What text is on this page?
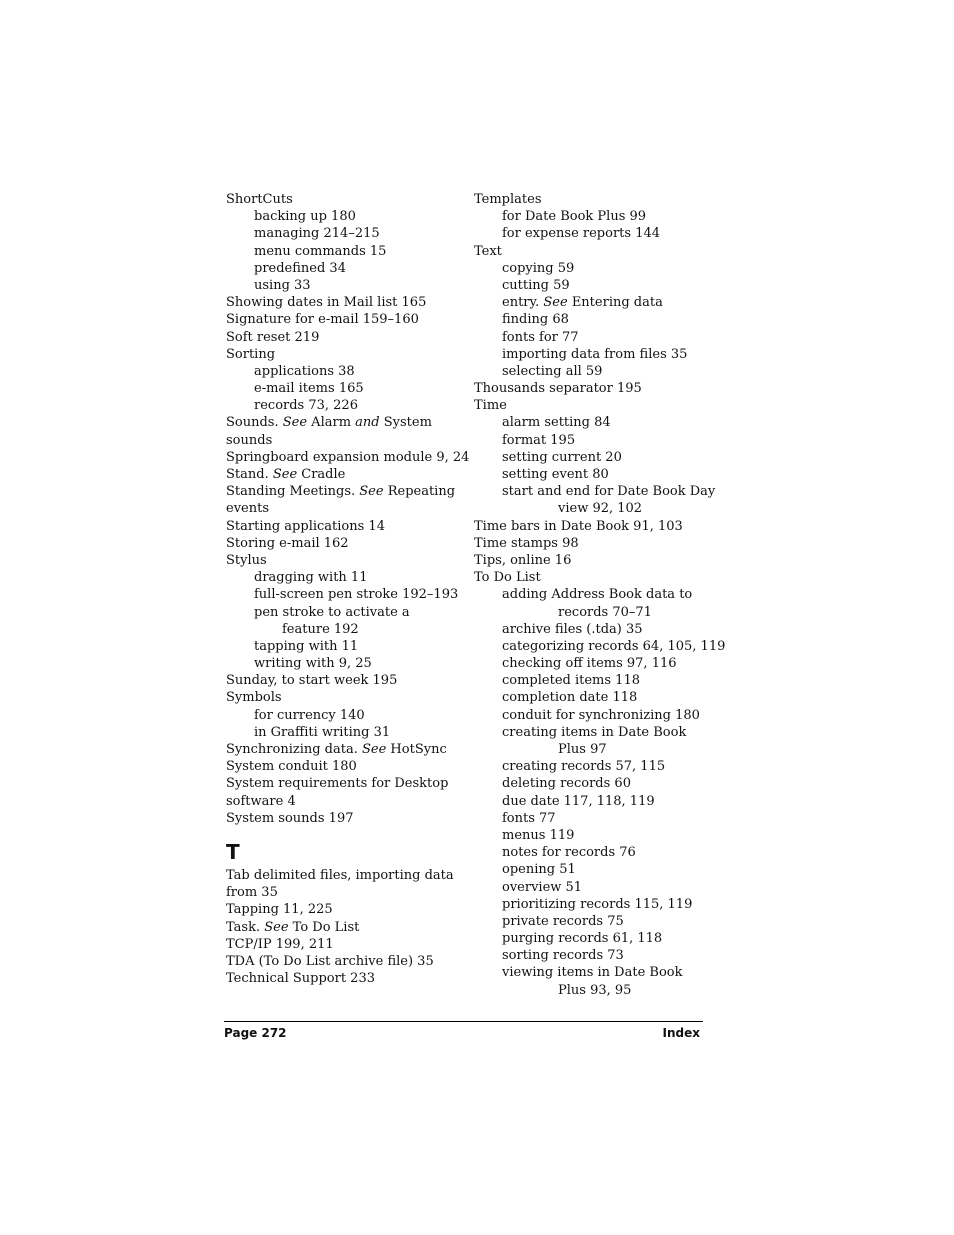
ShortCuts
backing up 180
managing 214–215
menu commands 15
predefined 34
using 33
Showing dates in Mail list 165
Signature for e-mail 159–160
Soft reset 219
Sorting
applications 38
e-mail items 165
records 73, 226
Sounds. See Alarm and System
sounds
Springboard expansion module 9, 24
Stand. See Cradle
Standing Meetings. See Repeating
events
Starting applications 14
Storing e-mail 162
Stylus
dragging with 11
full-screen pen stroke 192–193
pen stroke to activate a
feature 192
tapping with 11
writing with 9, 25
Sunday, to start week 195
Symbols
for currency 140
in Graffiti writing 31
Synchronizing data. See HotSync
System conduit 180
System requirements for Desktop
software 4
System sounds 197
T
Tab delimited files, importing data
from 35
Tapping 11, 225
Task. See To Do List
TCP/IP 199, 211
TDA (To Do List archive file) 35
Technical Support 233
Templates
for Date Book Plus 99
for expense reports 144
Text
copying 59
cutting 59
entry. See Entering data
finding 68
fonts for 77
importing data from files 35
selecting all 59
Thousands separator 195
Time
alarm setting 84
format 195
setting current 20
setting event 80
start and end for Date Book Day
view 92, 102
Time bars in Date Book 91, 103
Time stamps 98
Tips, online 16
To Do List
adding Address Book data to
records 70–71
archive files (.tda) 35
categorizing records 64, 105, 119
checking off items 97, 116
completed items 118
completion date 118
conduit for synchronizing 180
creating items in Date Book
Plus 97
creating records 57, 115
deleting records 60
due date 117, 118, 119
fonts 77
menus 119
notes for records 76
opening 51
overview 51
prioritizing records 115, 119
private records 75
purging records 61, 118
sorting records 73
viewing items in Date Book
Plus 93, 95
Page 272	Index
